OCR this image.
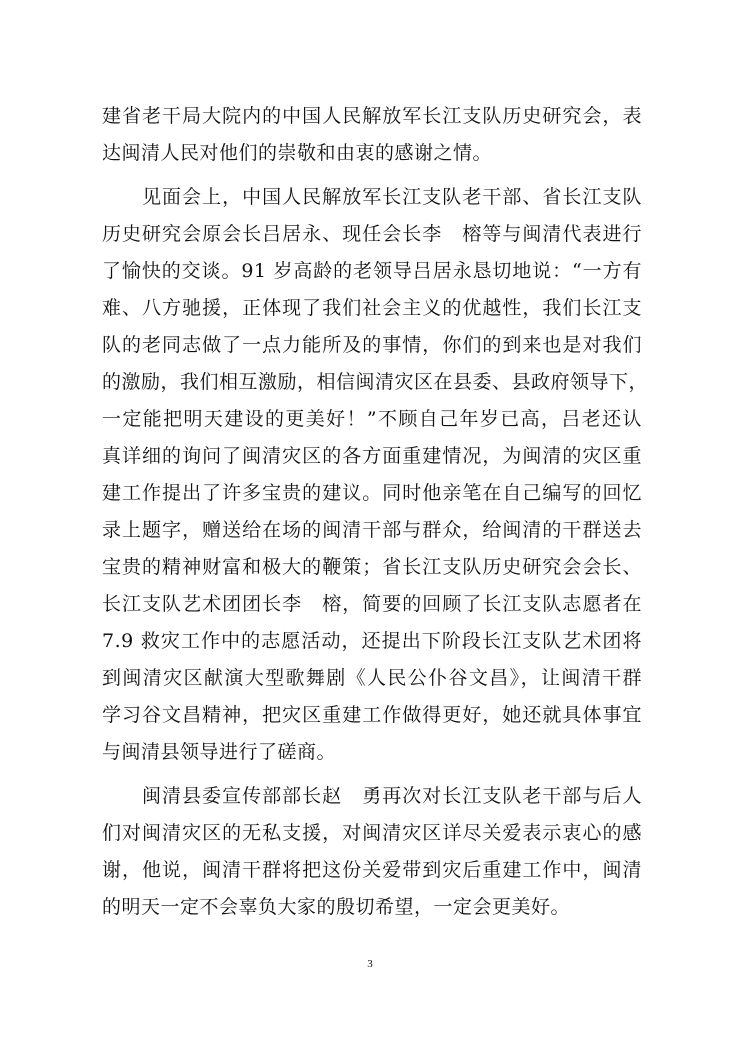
建省老干局大院内的中国人民解放军长江支队历史研究会，表
达闽清人民对他们的崇敬和由衷的感谢之情。
见面会上，中国人民解放军长江支队老干部、省长江支队
历史研究会原会长吕居永、现任会长李　榕等与闽清代表进行
了愉快的交谈。91 岁高龄的老领导吕居永恳切地说：“一方有
难、八方驰援，正体现了我们社会主义的优越性，我们长江支
队的老同志做了一点力能所及的事情，你们的到来也是对我们
的激励，我们相互激励，相信闽清灾区在县委、县政府领导下，
一定能把明天建设的更美好！”不顾自己年岁已高，吕老还认
真详细的询问了闽清灾区的各方面重建情况，为闽清的灾区重
建工作提出了许多宝贵的建议。同时他亲笔在自己编写的回忆
录上题字，赠送给在场的闽清干部与群众，给闽清的干群送去
宝贵的精神财富和极大的鞭策；省长江支队历史研究会会长、
长江支队艺术团团长李　榕，简要的回顾了长江支队志愿者在
7.9 救灾工作中的志愿活动，还提出下阶段长江支队艺术团将
到闽清灾区献演大型歌舞剧《人民公仆谷文昌》，让闽清干群
学习谷文昌精神，把灾区重建工作做得更好，她还就具体事宜
与闽清县领导进行了磋商。
闽清县委宣传部部长赵　勇再次对长江支队老干部与后人
们对闽清灾区的无私支援，对闽清灾区详尽关爱表示衷心的感
谢，他说，闽清干群将把这份关爱带到灾后重建工作中，闽清
的明天一定不会辜负大家的殷切希望，一定会更美好。
3
